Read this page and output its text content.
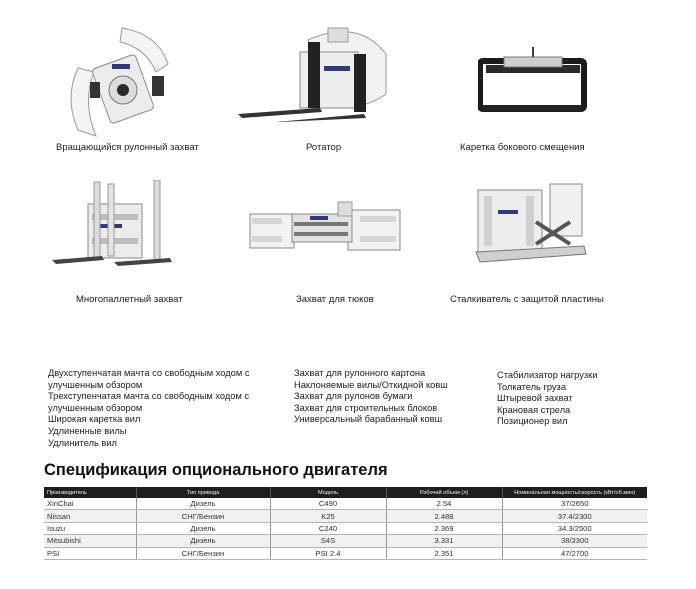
Вращающийся рулонный захват	Ротатор	Каретка бокового смещения
Многопаллетный захват	Захват для тюков	Сталкиватель с защитой пластины
Двухступенчатая мачта со свободным ходом с
улучшенным обзором
Трехступенчатая мачта со свободным ходом с
улучшенным обзором
Широкая каретка вил
Удлиненные вилы
Удлинитель вил
Захват для рулонного картона
Наклоняемые вилы/Откидной ковш
Захват для рулонов бумаги
Захват для строительных блоков
Универсальный барабанный ковш
Стабилизатор нагрузки
Толкатель груза
Штыревой захват
Крановая стрела
Позиционер вил
Спецификация опционального двигателя
Производитель	Тип привода	Модель	Рабочий объем (л)	Номинальная мощность/скорость (кВт/об.мин)
XinChai	Дизель	C490	2.54	37/2650
Nissan	СНГ/Бензин	K25	2.488	37.4/2300
Isuzu	Дизель	C240	2.369	34.3/2500
Mitsubishi	Дизель	S4S	3.331	38/2300
PSI	СНГ/Бензин	PSI 2.4	2.351	47/2700
